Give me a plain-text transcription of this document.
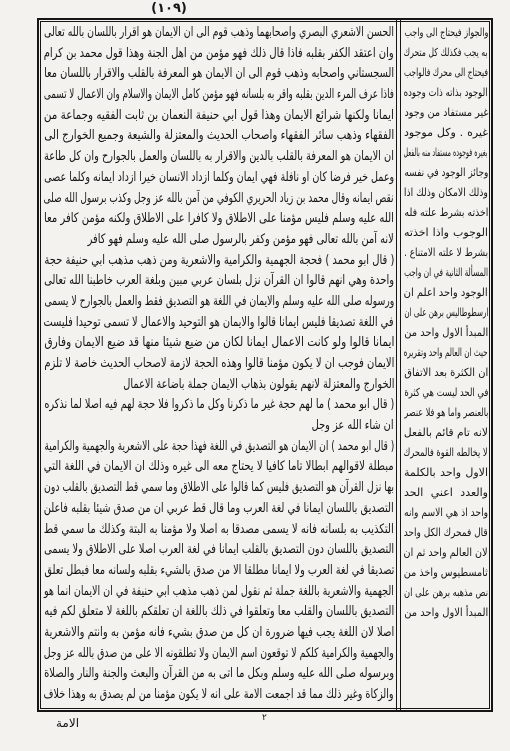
(١٠٩)
الحسن الاشعري البصري واصحابهما وذهب قوم الى ان الايمان هو اقرار باللسان بالله تعالى
وان اعتقد الكفر بقلبه فاذا قال ذلك فهو مؤمن من اهل الجنة وهذا قول محمد بن كرام
السجستاني واصحابه وذهب قوم الى ان الايمان هو المعرفة بالقلب والاقرار باللسان معا
فاذا عرف المرء الدين بقلبه واقر به بلسانه فهو مؤمن كامل الايمان والاسلام وان الاعمال لا تسمى
ايمانا ولكنها شرائع الايمان وهذا قول ابي حنيفة النعمان بن ثابت الفقيه وجماعة من
الفقهاء وذهب سائر الفقهاء واصحاب الحديث والمعتزلة والشيعة وجميع الخوارج الى
ان الايمان هو المعرفة بالقلب بالدين والاقرار به باللسان والعمل بالجوارح وان كل طاعة
وعمل خير فرضا كان او نافلة فهي ايمان وكلما ازداد الانسان خيرا ازداد ايمانه وكلما عصى
نقص ايمانه وقال محمد بن زياد الحريري الكوفي من آمن بالله عز وجل وكذب برسول الله صلى
الله عليه وسلم فليس مؤمنا على الاطلاق ولا كافرا على الاطلاق ولكنه مؤمن كافر معا
لانه آمن بالله تعالى فهو مؤمن وكفر بالرسول صلى الله عليه وسلم فهو كافر
( قال ابو محمد ) فحجة الجهمية والكرامية والاشعرية ومن ذهب مذهب ابي حنيفة حجة
واحدة وهي انهم قالوا ان القرآن نزل بلسان عربي مبين وبلغة العرب خاطبنا الله تعالى
ورسوله صلى الله عليه وسلم والايمان في اللغة هو التصديق فقط والعمل بالجوارح لا يسمى
في اللغة تصديقا فليس ايمانا قالوا والايمان هو التوحيد والاعمال لا تسمى توحيدا فليست
ايمانا قالوا ولو كانت الاعمال ايمانا لكان من ضيع شيئا منها قد ضيع الايمان وفارق
الايمان فوجب ان لا يكون مؤمنا قالوا وهذه الحجة لازمة لاصحاب الحديث خاصة لا تلزم
الخوارج والمعتزلة لانهم يقولون بذهاب الايمان جملة باضاعة الاعمال
( قال ابو محمد ) ما لهم حجة غير ما ذكرنا وكل ما ذكروا فلا حجة لهم فيه اصلا لما نذكره
ان شاء الله عز وجل
( قال ابو محمد ) ان الايمان هو التصديق في اللغة فهذا حجة على الاشعرية والجهمية والكرامية
مبطلة لاقوالهم ابطالا تاما كافيا لا يحتاج معه الى غيره وذلك ان الايمان في اللغة التي
بها نزل القرآن هو التصديق فليس كما قالوا على الاطلاق وما سمي قط التصديق بالقلب دون
التصديق باللسان ايمانا في لغة العرب وما قال قط عربي ان من صدق شيئا بقلبه فاعلن
التكذيب به بلسانه فانه لا يسمى مصدقا به اصلا ولا مؤمنا به البتة وكذلك ما سمي قط
التصديق باللسان دون التصديق بالقلب ايمانا في لغة العرب اصلا على الاطلاق ولا يسمى
تصديقا في لغة العرب ولا ايمانا مطلقا الا من صدق بالشيء بقلبه ولسانه معا فبطل تعلق
الجهمية والاشعرية باللغة جملة ثم نقول لمن ذهب مذهب ابي حنيفة في ان الايمان انما هو
التصديق باللسان والقلب معا وتعلقوا في ذلك باللغة ان تعلقكم باللغة لا متعلق لكم فيه
اصلا لان اللغة يجب فيها ضرورة ان كل من صدق بشيء فانه مؤمن به وانتم والاشعرية
والجهمية والكرامية كلكم لا توقعون اسم الايمان ولا تطلقونه الا على من صدق بالله عز وجل
وبرسوله صلى الله عليه وسلم وبكل ما اتى به من القرآن والبعث والجنة والنار والصلاة
والزكاة وغير ذلك مما قد اجمعت الامة على انه لا يكون مؤمنا من لم يصدق به وهذا خلاف
والجواز فيحتاج الى واجب
به يجب فكذلك كل متحرك
فيحتاج الى محرك فالواجب
الوجود بذاته ذات وجوده
غير مستفاد من وجود
غيره . وكل موجود
بغيره فوجوده مستفاد منه بالفعل
وجائز الوجود في نفسه
وذلك الامكان وذلك اذا
اخذته بشرط علته فله
الوجوب واذا اخذته
بشرط لا علته الامتناع .
المسألة الثانية في ان واجب
الوجود واحد اعلم ان
ارسطوطاليس برهن على ان
المبدأ الاول واحد من
حيث ان العالم واحد وتقريره
ان الكثرة بعد الاتفاق
في الحد ليست هي كثرة
بالعنصر واما هو فلا عنصر
لانه تام قائم بالفعل
لا يخالطه القوة فالمحرك
الاول واحد بالكلمة
والعدد اعني الحد
واحد اذ هي الاسم وانه
قال فمحرك الكل واحد
لان العالم واحد ثم ان
ثامسطيوس واخذ من
نص مذهبه برهن على ان
المبدأ الاول واحد من
٢
الامة
